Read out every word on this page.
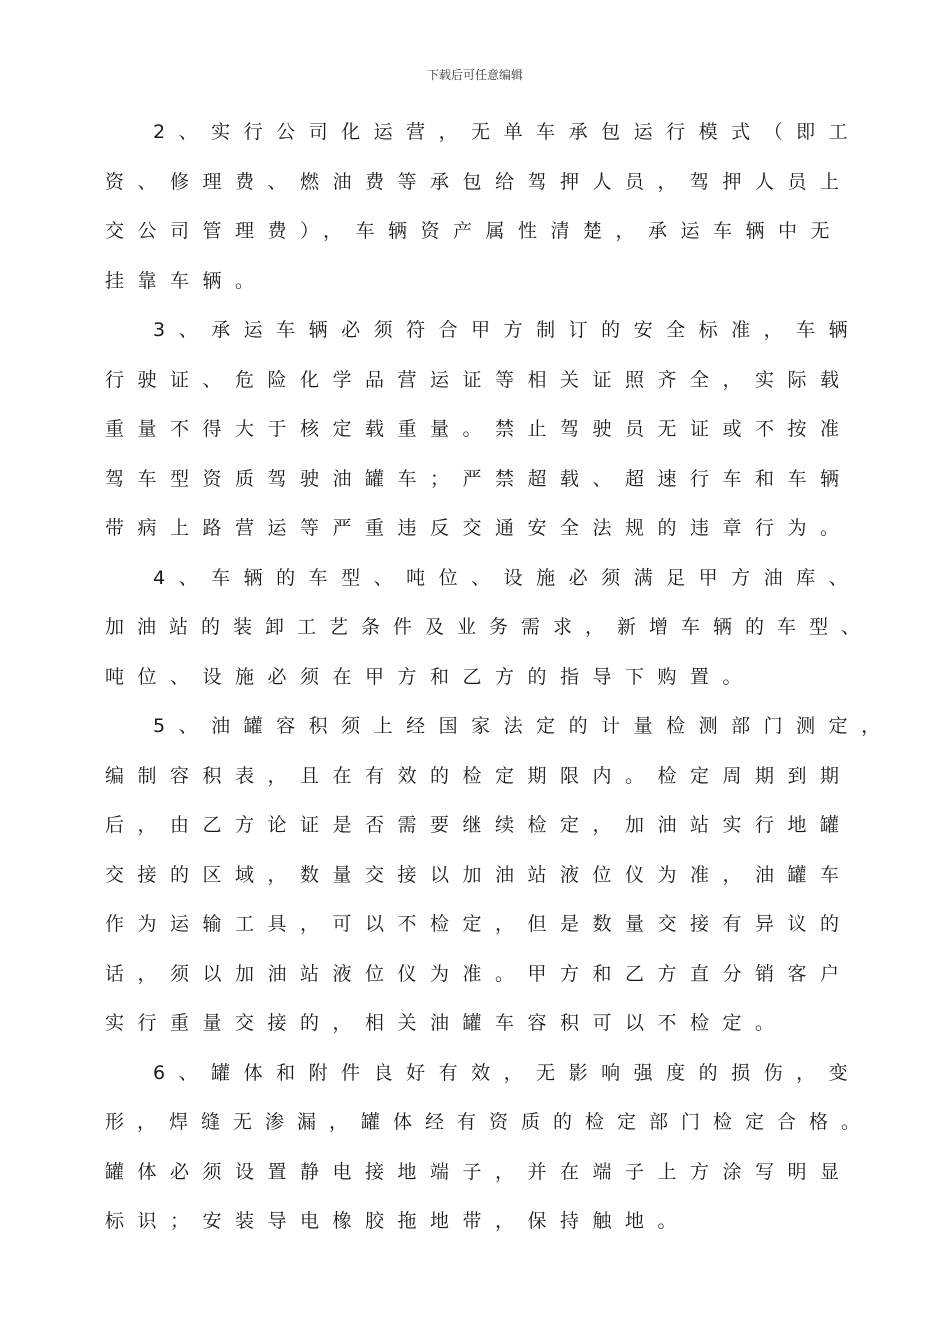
下载后可任意编辑
2、实行公司化运营，无单车承包运行模式（即工
资、修理费、燃油费等承包给驾押人员，驾押人员上
交公司管理费），车辆资产属性清楚，承运车辆中无
挂靠车辆。
3、承运车辆必须符合甲方制订的安全标准，车辆
行驶证、危险化学品营运证等相关证照齐全，实际载
重量不得大于核定载重量。禁止驾驶员无证或不按准
驾车型资质驾驶油罐车；严禁超载、超速行车和车辆
带病上路营运等严重违反交通安全法规的违章行为。
4、车辆的车型、吨位、设施必须满足甲方油库、
加油站的装卸工艺条件及业务需求，新增车辆的车型、
吨位、设施必须在甲方和乙方的指导下购置。
5、油罐容积须上经国家法定的计量检测部门测定，
编制容积表，且在有效的检定期限内。检定周期到期
后，由乙方论证是否需要继续检定，加油站实行地罐
交接的区域，数量交接以加油站液位仪为准，油罐车
作为运输工具，可以不检定，但是数量交接有异议的
话，须以加油站液位仪为准。甲方和乙方直分销客户
实行重量交接的，相关油罐车容积可以不检定。
6、罐体和附件良好有效，无影响强度的损伤，变
形，焊缝无渗漏，罐体经有资质的检定部门检定合格。
罐体必须设置静电接地端子，并在端子上方涂写明显
标识；安装导电橡胶拖地带，保持触地。
